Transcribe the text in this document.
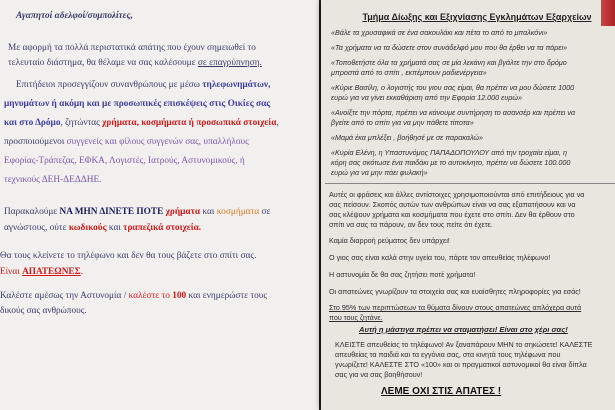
Αγαπητοί αδελφοί/συμπολίτες,
Με αφορμή τα πολλά περιστατικά απάτης που έχουν σημειωθεί το
τελευταίο διάστημα, θα θέλαμε να σας καλέσουμε σε επαγρύπνηση.
Επιτήδειοι προσεγγίζουν συνανθρώπους με μέσω τηλεφωνημάτων,
μηνυμάτων ή ακόμη και με προσωπικές επισκέψεις στις Οικίες σας
και στο Δρόμο, ζητώντας χρήματα, κοσμήματα ή προσωπικά στοιχεία,
προσποιούμενοι συγγενείς και φίλους συγγενών σας, υπαλλήλους
Εφορίας-Τράπεζας, ΕΦΚΑ, Λογιστές, Ιατρούς, Αστυνομικούς, ή
τεχνικούς ΔΕΗ-ΔΕΔΔΗΕ.
Παρακαλούμε ΝΑ ΜΗΝ ΔΙΝΕΤΕ ΠΟΤΕ χρήματα και κοσμήματα σε
αγνώστους, ούτε κωδικούς και τραπεζικά στοιχεία.
Θα τους κλείνετε το τηλέφωνο και δεν θα τους βάζετε στο σπίτι σας.
Είναι ΑΠΑΤΕΩΝΕΣ.
Καλέστε αμέσως την Αστυνομία / καλέστε το 100 και ενημερώστε τους
δικούς σας ανθρώπους.
Τμήμα Δίωξης και Εξιχνίασης Εγκλημάτων Εξαρχείων
«Βάλε τα χρυσαφικά σε ένα σακουλάκι και πέτα το από το μπαλκόνι»
«Τα χρήματα να τα δώσετε στον συνάδελφό μου που θα έρθει να τα πάρει»
«Τοποθετήστε όλα τα χρήματά σας σε μία λεκάνη και βγάλτε την στο δρόμο
μπροστά από το σπίτι , εκπέμπουν ραδιενέργεια»
«Κύριε Βασίλη, ο λογιστής του γιου σας είμαι, θα πρέπει να μου δώσετε 1000
ευρώ για να γίνει εκκαθάριση από την Εφορία 12.000 ευρώ»
«Ανοίξτε την πόρτα, πρέπει να κάνουμε συντήρηση το ασανσέρ και πρέπει να
βγείτε από το σπίτι για να μην πάθετε τίποτα»
«Μαμά έκα μπλέξει , βοήθησέ με σε παρακαλώ»
«Κυρία Ελένη, η Υπαστυνόμος ΠΑΠΑΔΟΠΟΥΛΟΥ από την τροχαία είμαι, η
κόρη σας σκότωσε ένα παιδάκι με το αυτοκίνητο, πρέπει να δώσετε 100.000
ευρώ για να μην πάει φυλακή»
Αυτές οι φράσεις και άλλες αντίστοιχες χρησιμοποιούνται από επιτήδειους για να
σας πείσουν. Σκοπός αυτών των ανθρώπων είναι να σας εξαπατήσουν και να
σας κλέψουν χρήματα και κοσμήματα που έχετε στο σπίτι. Δεν θα έρθουν στο
σπίτι να σας τα πάρουν, αν δεν τους πείτε ότι έχετε.
Καμία διαρροή ρεύματος δεν υπάρχει!
Ο γιος σας είναι καλά στην υγεία του, πάρτε τον απευθείας τηλέφωνο!
Η αστυνομία δε θα σας ζητήσει ποτέ χρήματα!
Οι απατεώνες γνωρίζουν τα στοιχεία σας και ευαίσθητες πληροφορίες για εσάς!
Στο 95% των περιπτώσεων τα θύματα δίνουν στους απατεώνες απλόχερα αυτά
που τους ζητάνε.
Αυτή η μάστιγα πρέπει να σταματήσει! Είναι στο χέρι σας!
ΚΛΕΙΣΤΕ απευθείας το τηλέφωνο! Αν ξαναπάρουν ΜΗΝ το σηκώσετε! ΚΑΛΕΣΤΕ
απευθείας τα παιδιά και τα εγγόνια σας, στα κινητά τους τηλέφωνα που
γνωρίζετε! ΚΑΛΕΣΤΕ ΣΤΟ «100» και οι πραγματικοί αστυνομικοί θα είναι δίπλα
σας για να σας βοηθήσουν!
ΛΕΜΕ ΟΧΙ ΣΤΙΣ ΑΠΑΤΕΣ !
